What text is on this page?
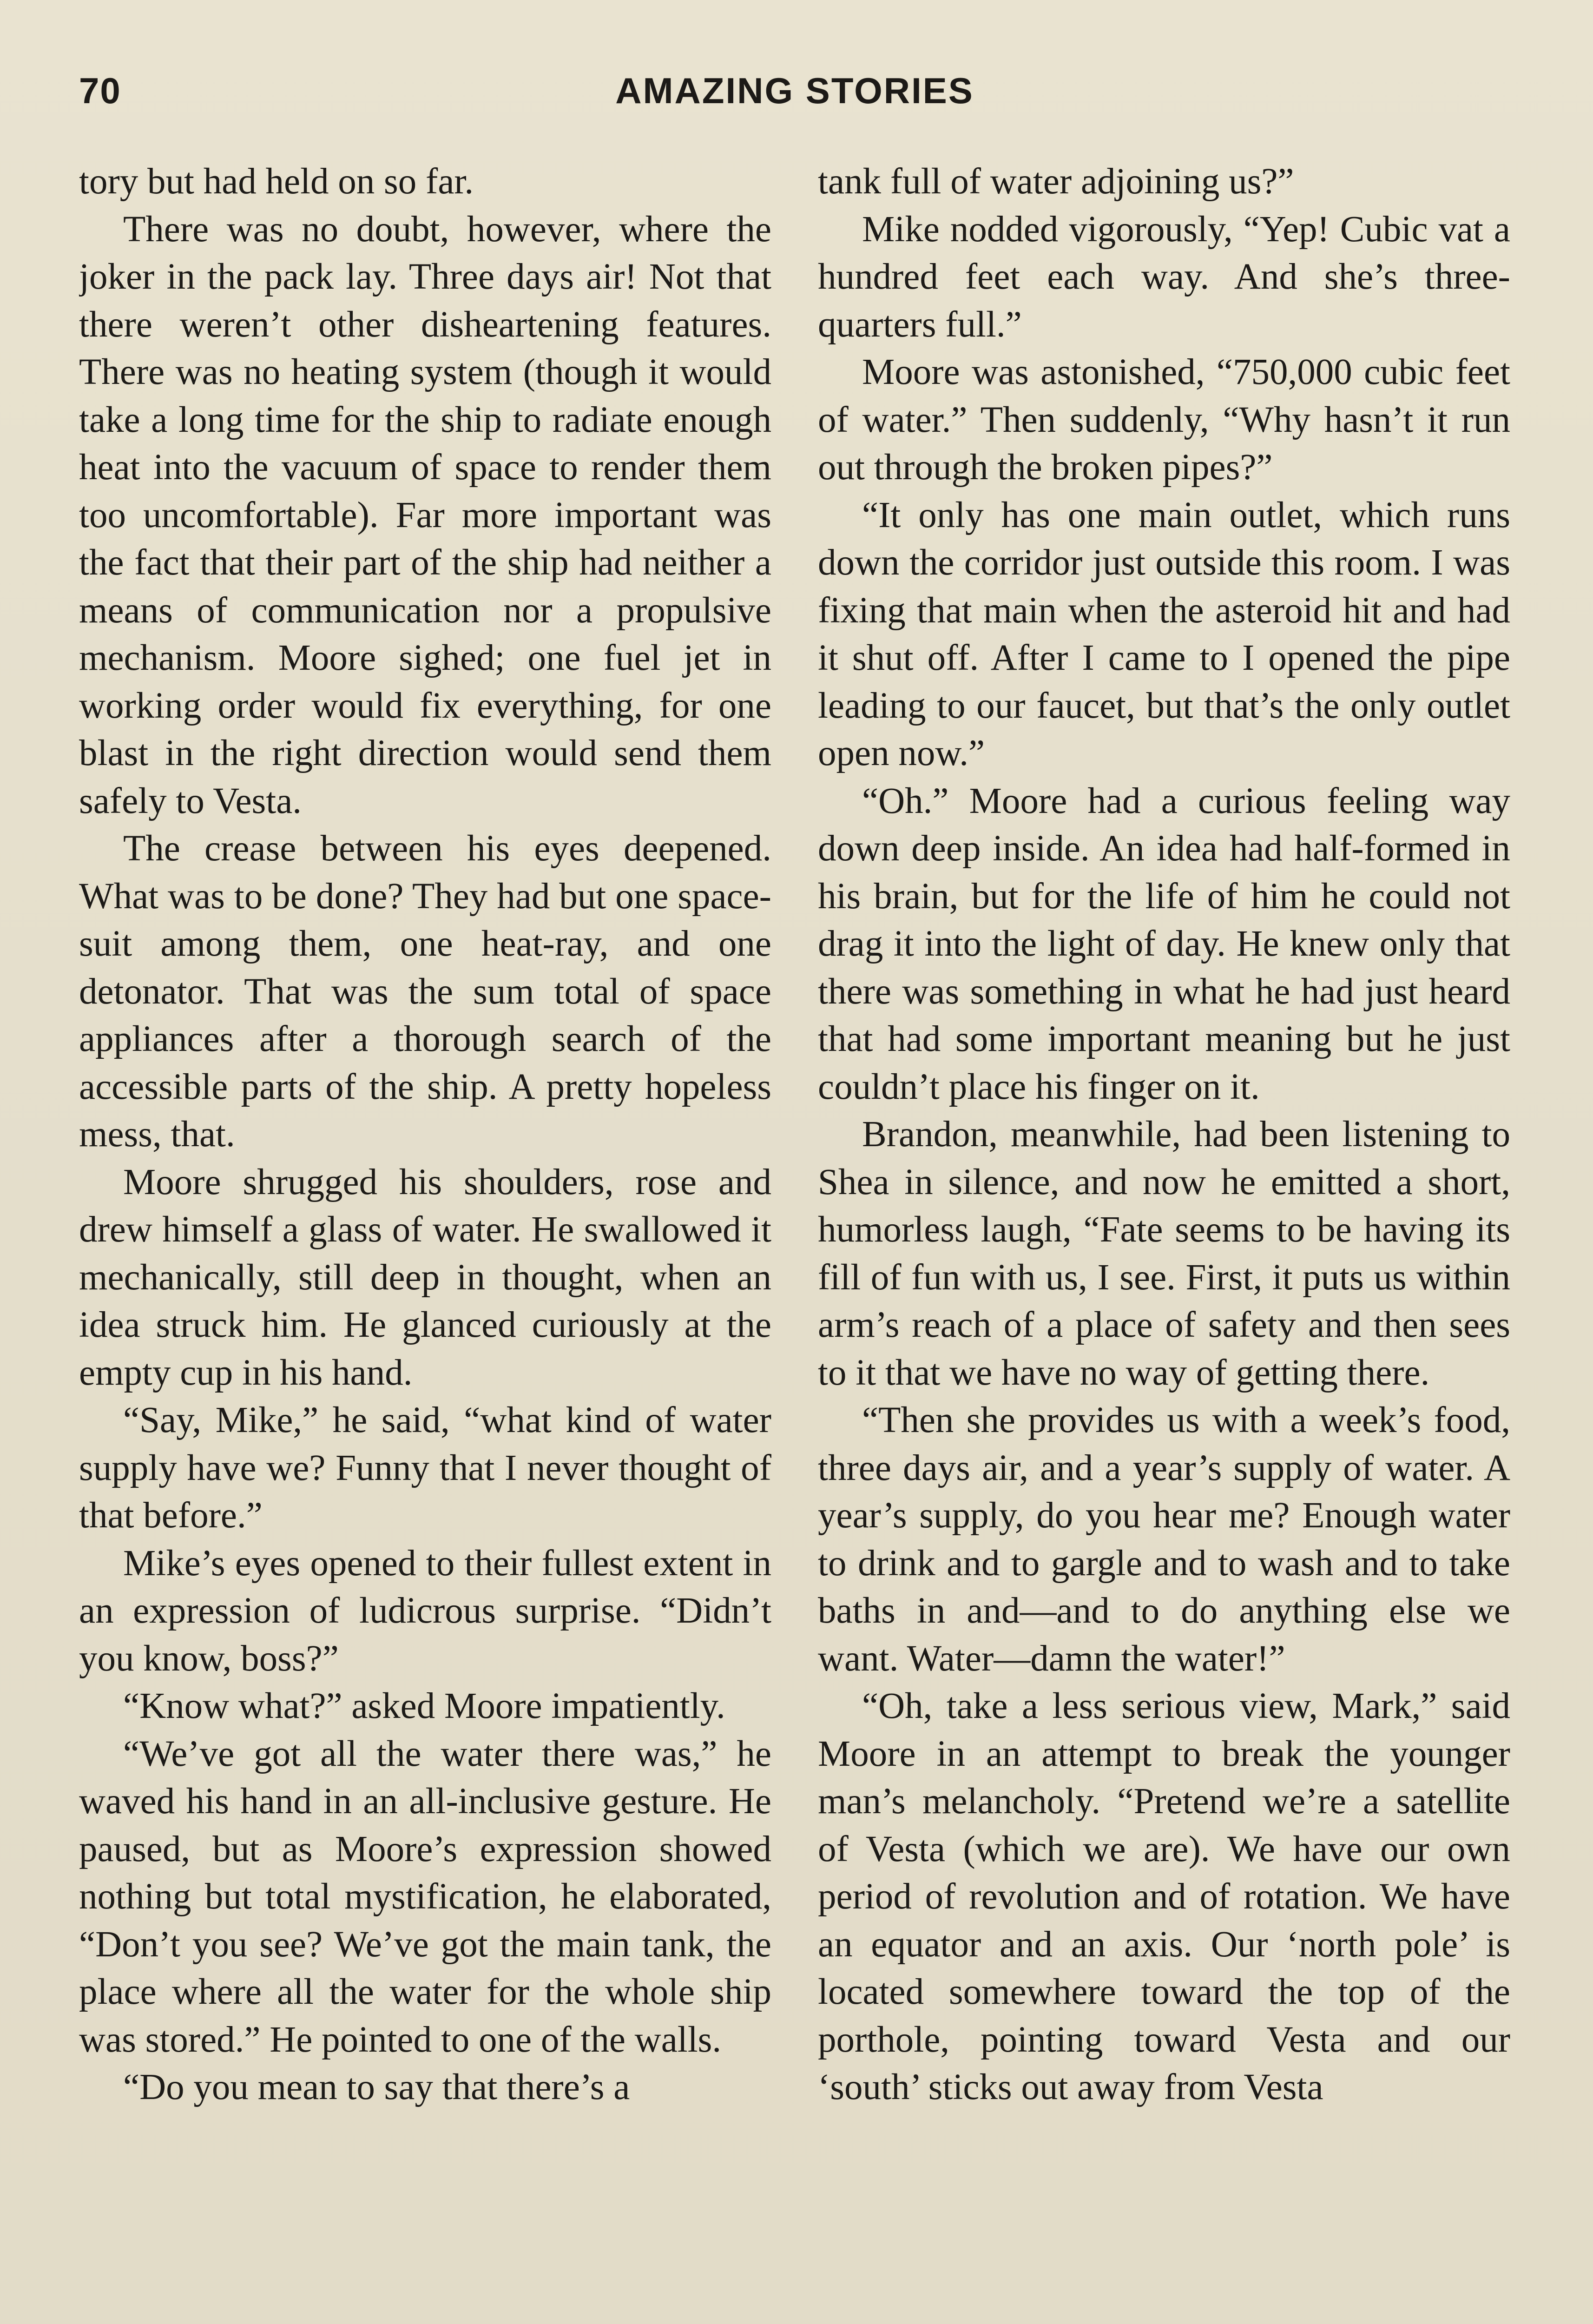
70	AMAZING STORIES

tory but had held on so far.

There was no doubt, however, where the joker in the pack lay. Three days air! Not that there weren’t other disheartening features. There was no heating system (though it would take a long time for the ship to radiate enough heat into the vacuum of space to render them too uncomfortable). Far more important was the fact that their part of the ship had neither a means of communication nor a propulsive mechanism. Moore sighed; one fuel jet in working order would fix everything, for one blast in the right direction would send them safely to Vesta.

The crease between his eyes deepened. What was to be done? They had but one space-suit among them, one heat-ray, and one detonator. That was the sum total of space appliances after a thorough search of the accessible parts of the ship. A pretty hopeless mess, that.

Moore shrugged his shoulders, rose and drew himself a glass of water. He swallowed it mechanically, still deep in thought, when an idea struck him. He glanced curiously at the empty cup in his hand.

“Say, Mike,” he said, “what kind of water supply have we? Funny that I never thought of that before.”

Mike’s eyes opened to their fullest extent in an expression of ludicrous surprise. “Didn’t you know, boss?”

“Know what?” asked Moore impatiently.

“We’ve got all the water there was,” he waved his hand in an all-inclusive gesture. He paused, but as Moore’s expression showed nothing but total mystification, he elaborated, “Don’t you see? We’ve got the main tank, the place where all the water for the whole ship was stored.” He pointed to one of the walls.

“Do you mean to say that there’s a

tank full of water adjoining us?”

Mike nodded vigorously, “Yep! Cubic vat a hundred feet each way. And she’s three-quarters full.”

Moore was astonished, “750,000 cubic feet of water.” Then suddenly, “Why hasn’t it run out through the broken pipes?”

“It only has one main outlet, which runs down the corridor just outside this room. I was fixing that main when the asteroid hit and had it shut off. After I came to I opened the pipe leading to our faucet, but that’s the only outlet open now.”

“Oh.” Moore had a curious feeling way down deep inside. An idea had half-formed in his brain, but for the life of him he could not drag it into the light of day. He knew only that there was something in what he had just heard that had some important meaning but he just couldn’t place his finger on it.

Brandon, meanwhile, had been listening to Shea in silence, and now he emitted a short, humorless laugh, “Fate seems to be having its fill of fun with us, I see. First, it puts us within arm’s reach of a place of safety and then sees to it that we have no way of getting there.

“Then she provides us with a week’s food, three days air, and a year’s supply of water. A year’s supply, do you hear me? Enough water to drink and to gargle and to wash and to take baths in and—and to do anything else we want. Water—damn the water!”

“Oh, take a less serious view, Mark,” said Moore in an attempt to break the younger man’s melancholy. “Pretend we’re a satellite of Vesta (which we are). We have our own period of revolution and of rotation. We have an equator and an axis. Our ‘north pole’ is located somewhere toward the top of the porthole, pointing toward Vesta and our ‘south’ sticks out away from Vesta
